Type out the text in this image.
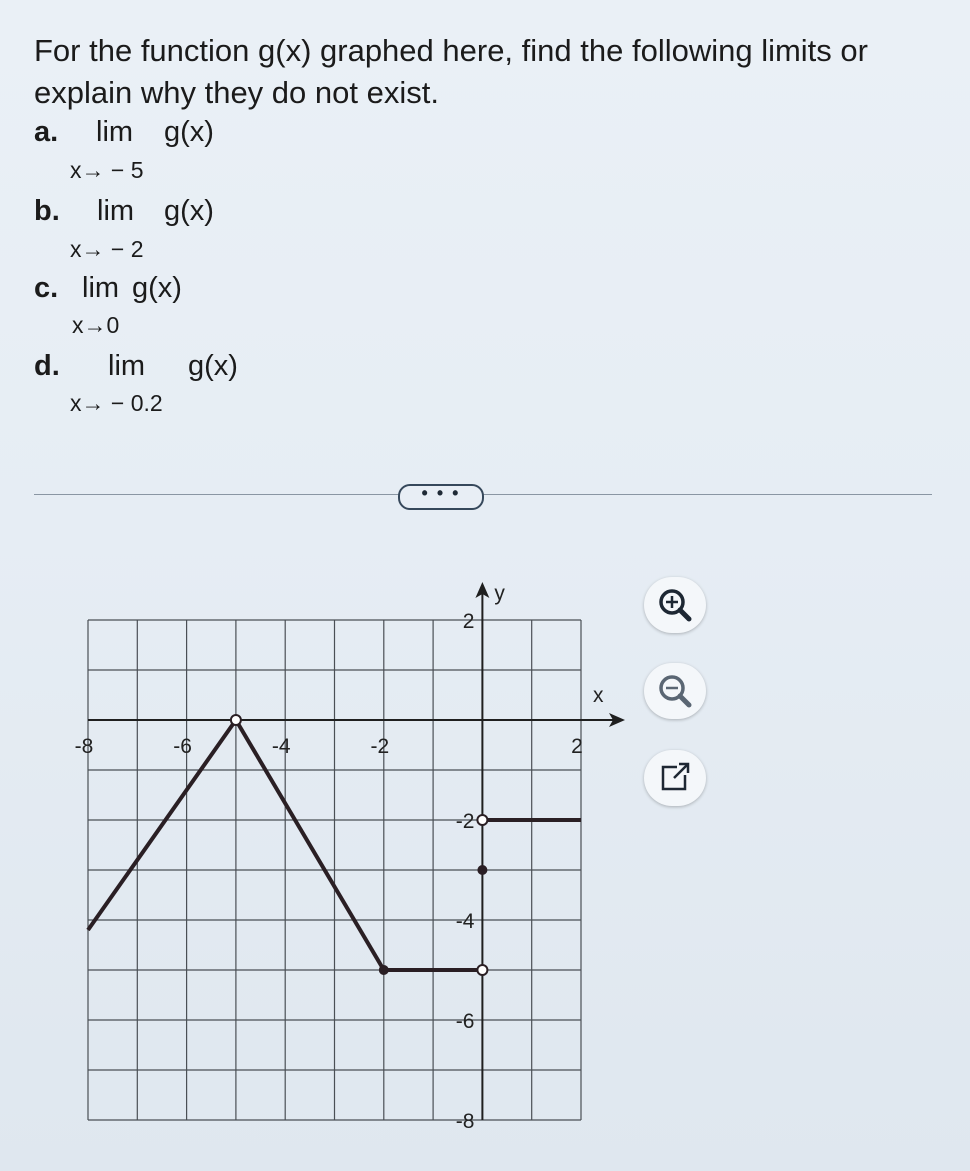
For the function g(x) graphed here, find the following limits or explain why they do not exist.
a. lim g(x)
x→ − 5
b. lim g(x)
x→ − 2
c. lim g(x)
x→0
d. lim g(x)
x→ − 0.2
• • •
x
y
-8	-6	-4	-2	2
2
-2
-4
-6
-8
